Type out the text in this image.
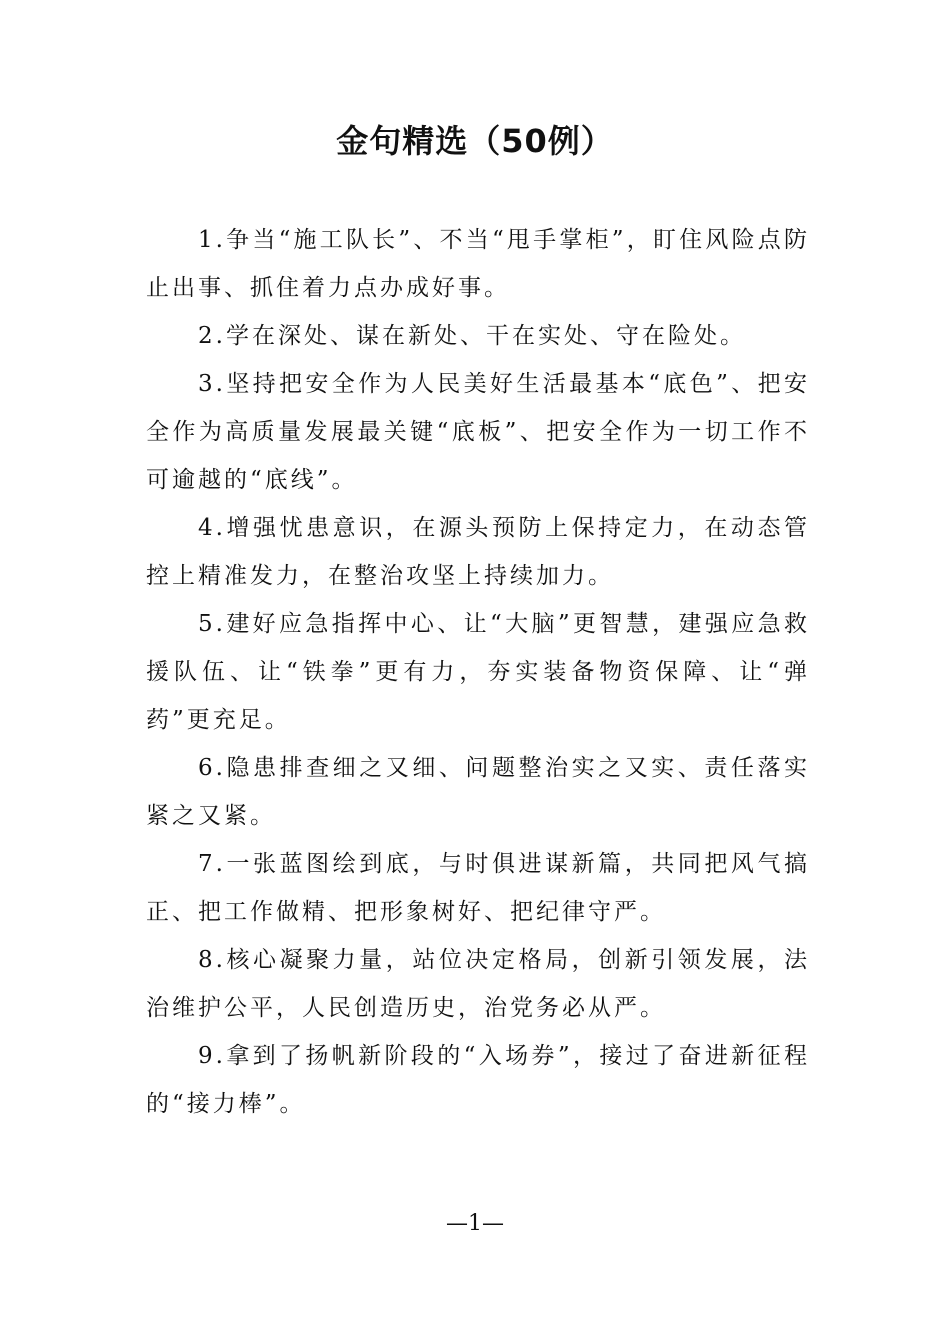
金句精选（50例）

1.争当“施工队长”、不当“甩手掌柜”，盯住风险点防止出事、抓住着力点办成好事。

2.学在深处、谋在新处、干在实处、守在险处。

3.坚持把安全作为人民美好生活最基本“底色”、把安全作为高质量发展最关键“底板”、把安全作为一切工作不可逾越的“底线”。

4.增强忧患意识，在源头预防上保持定力，在动态管控上精准发力，在整治攻坚上持续加力。

5.建好应急指挥中心、让“大脑”更智慧，建强应急救援队伍、让“铁拳”更有力，夯实装备物资保障、让“弹药”更充足。

6.隐患排查细之又细、问题整治实之又实、责任落实紧之又紧。

7.一张蓝图绘到底，与时俱进谋新篇，共同把风气搞正、把工作做精、把形象树好、把纪律守严。

8.核心凝聚力量，站位决定格局，创新引领发展，法治维护公平，人民创造历史，治党务必从严。

9.拿到了扬帆新阶段的“入场券”，接过了奋进新征程的“接力棒”。

—1—
